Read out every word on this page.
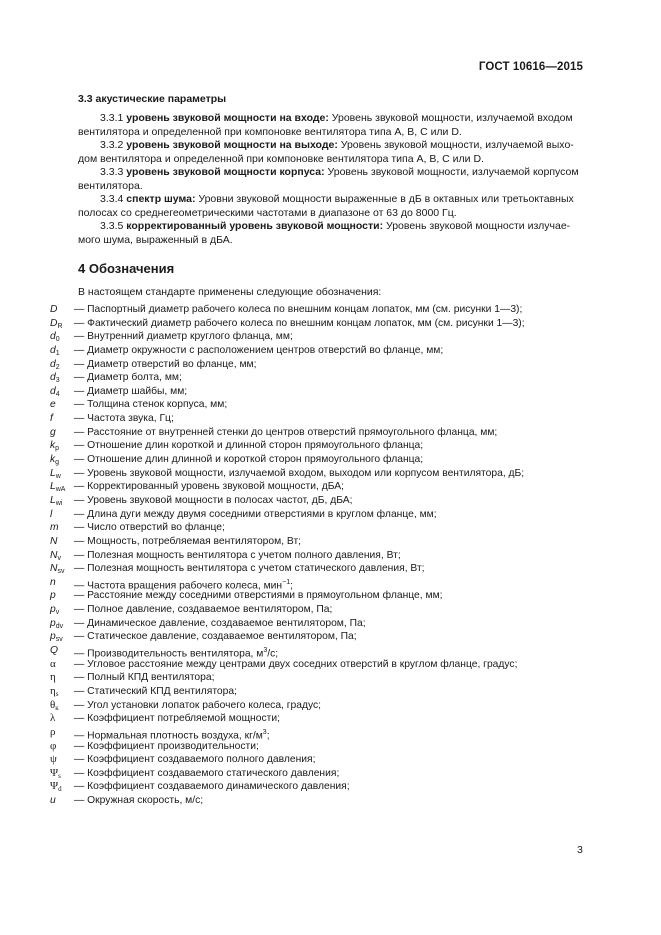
ГОСТ 10616—2015
3.3 акустические параметры
3.3.1 уровень звуковой мощности на входе: Уровень звуковой мощности, излучаемой входом
вентилятора и определенной при компоновке вентилятора типа А, В, С или D.
3.3.2 уровень звуковой мощности на выходе: Уровень звуковой мощности, излучаемой выхо-
дом вентилятора и определенной при компоновке вентилятора типа А, В, С или D.
3.3.3 уровень звуковой мощности корпуса: Уровень звуковой мощности, излучаемой корпусом
вентилятора.
3.3.4 спектр шума: Уровни звуковой мощности выраженные в дБ в октавных или третьоктавных
полосах со среднегеометрическими частотами в диапазоне от 63 до 8000 Гц.
3.3.5 корректированный уровень звуковой мощности: Уровень звуковой мощности излучае-
мого шума, выраженный в дБА.
4 Обозначения
В настоящем стандарте применены следующие обозначения:
D — Паспортный диаметр рабочего колеса по внешним концам лопаток, мм (см. рисунки 1—3);
$D_R$ — Фактический диаметр рабочего колеса по внешним концам лопаток, мм (см. рисунки 1—3);
$d_0$ — Внутренний диаметр круглого фланца, мм;
$d_1$ — Диаметр окружности с расположением центров отверстий во фланце, мм;
$d_2$ — Диаметр отверстий во фланце, мм;
$d_3$ — Диаметр болта, мм;
$d_4$ — Диаметр шайбы, мм;
e — Толщина стенок корпуса, мм;
f — Частота звука, Гц;
g — Расстояние от внутренней стенки до центров отверстий прямоугольного фланца, мм;
$k_p$ — Отношение длин короткой и длинной сторон прямоугольного фланца;
$k_g$ — Отношение длин длинной и короткой сторон прямоугольного фланца;
$L_w$ — Уровень звуковой мощности, излучаемой входом, выходом или корпусом вентилятора, дБ;
$L_{wA}$ — Корректированный уровень звуковой мощности, дБА;
$L_{wi}$ — Уровень звуковой мощности в полосах частот, дБ, дБА;
l — Длина дуги между двумя соседними отверстиями в круглом фланце, мм;
m — Число отверстий во фланце;
N — Мощность, потребляемая вентилятором, Вт;
$N_v$ — Полезная мощность вентилятора с учетом полного давления, Вт;
$N_{sv}$ — Полезная мощность вентилятора с учетом статического давления, Вт;
n — Частота вращения рабочего колеса, мин$^{-1}$;
p — Расстояние между соседними отверстиями в прямоугольном фланце, мм;
$p_v$ — Полное давление, создаваемое вентилятором, Па;
$p_{dv}$ — Динамическое давление, создаваемое вентилятором, Па;
$p_{sv}$ — Статическое давление, создаваемое вентилятором, Па;
Q — Производительность вентилятора, $м^3/с$;
α — Угловое расстояние между центрами двух соседних отверстий в круглом фланце, градус;
η — Полный КПД вентилятора;
$\eta_s$ — Статический КПД вентилятора;
$\theta_к$ — Угол установки лопаток рабочего колеса, градус;
λ — Коэффициент потребляемой мощности;
ρ — Нормальная плотность воздуха, $кг/м^3$;
φ — Коэффициент производительности;
ψ — Коэффициент создаваемого полного давления;
$\Psi_s$ — Коэффициент создаваемого статического давления;
$\Psi_d$ — Коэффициент создаваемого динамического давления;
u — Окружная скорость, м/с;
3
